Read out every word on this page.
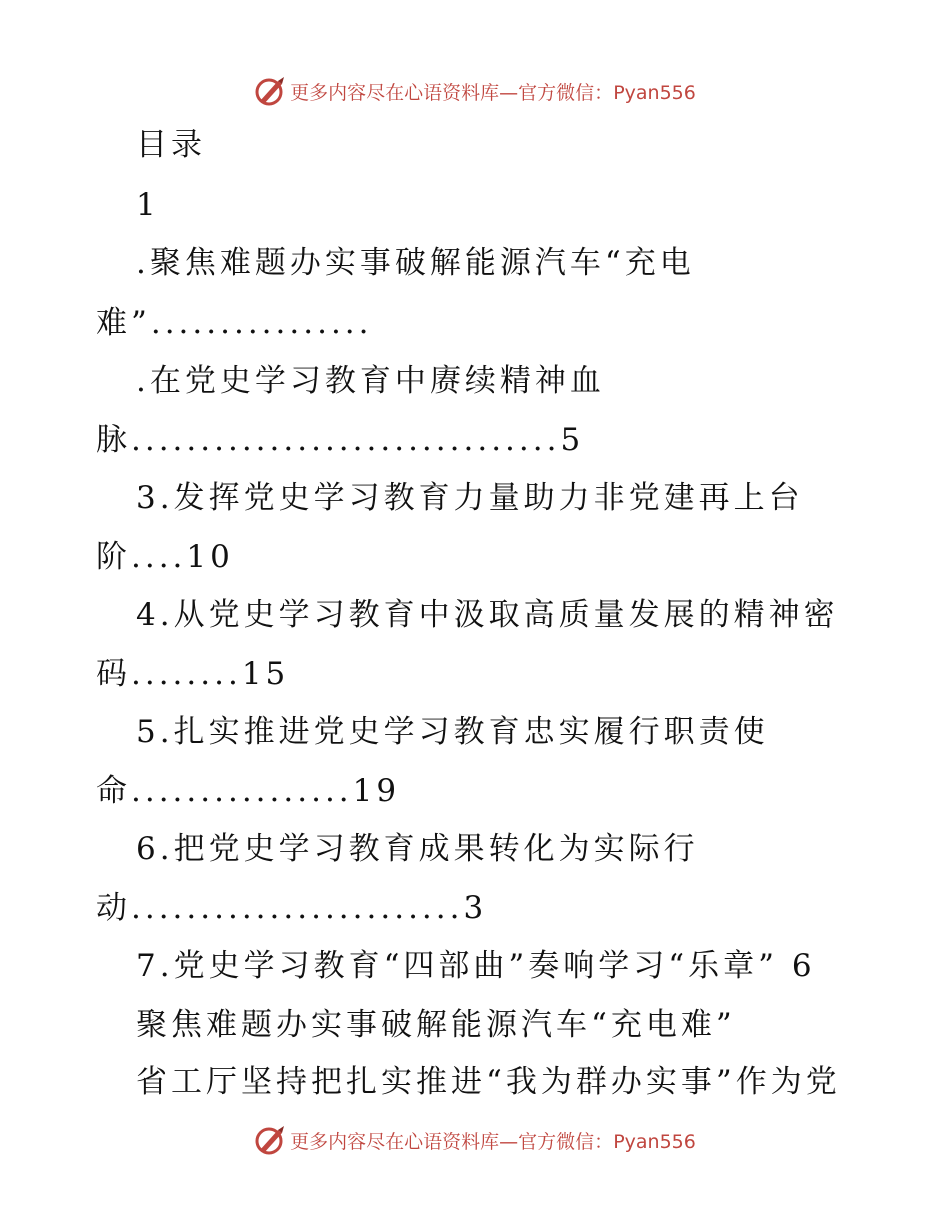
更多内容尽在心语资料库—官方微信：Pyan556
目录
1
.聚焦难题办实事破解能源汽车“充电
难”................
.在党史学习教育中赓续精神血
脉...............................5
3.发挥党史学习教育力量助力非党建再上台
阶....10
4.从党史学习教育中汲取高质量发展的精神密
码........15
5.扎实推进党史学习教育忠实履行职责使
命................19
6.把党史学习教育成果转化为实际行
动........................3
7.党史学习教育“四部曲”奏响学习“乐章” 6
聚焦难题办实事破解能源汽车“充电难”
省工厅坚持把扎实推进“我为群办实事”作为党
更多内容尽在心语资料库—官方微信：Pyan556
